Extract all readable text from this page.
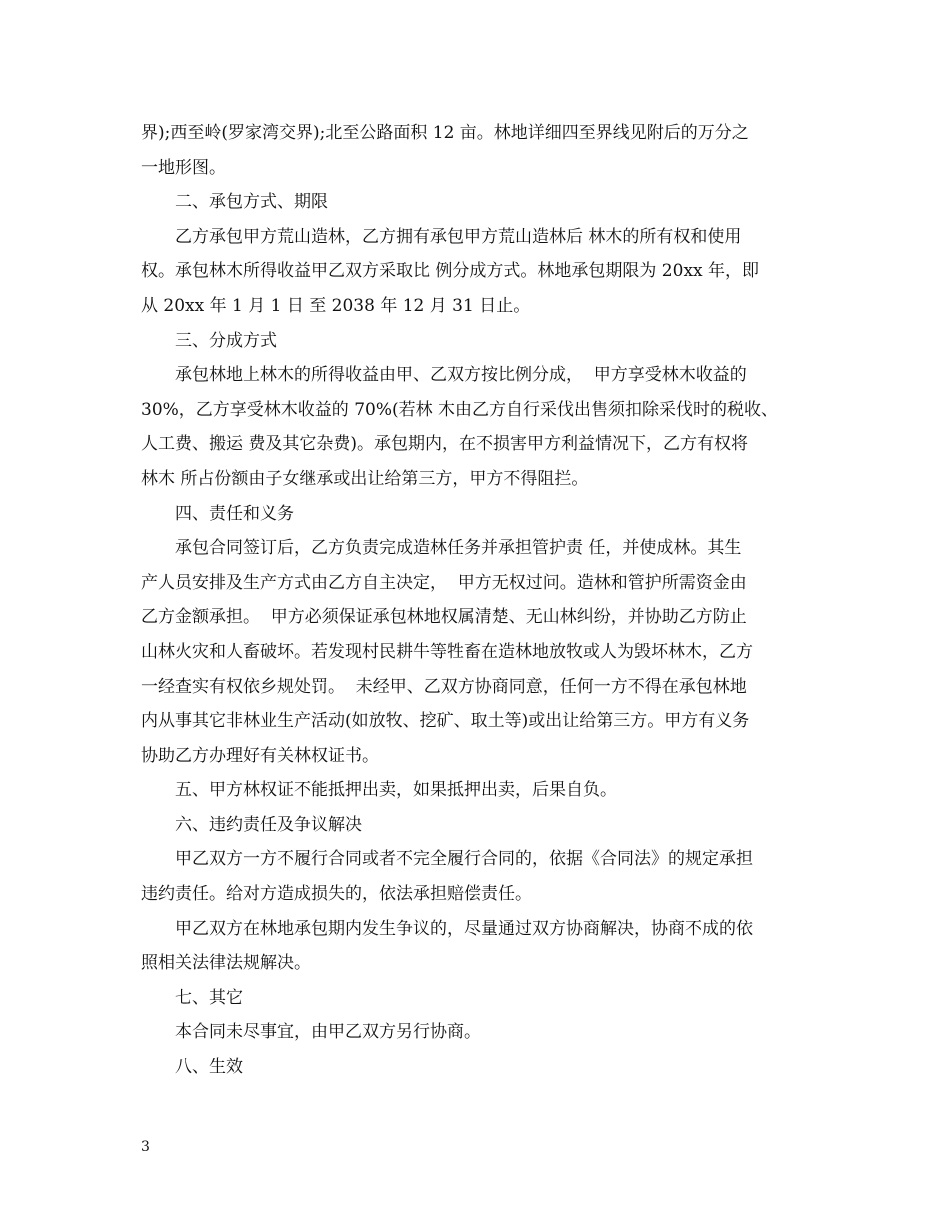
界);西至岭(罗家湾交界);北至公路面积 12 亩。林地详细四至界线见附后的万分之
一地形图。
二、承包方式、期限
乙方承包甲方荒山造林，乙方拥有承包甲方荒山造林后 林木的所有权和使用
权。承包林木所得收益甲乙双方采取比 例分成方式。林地承包期限为 20xx 年，即
从 20xx 年 1 月 1 日 至 2038 年 12 月 31 日止。
三、分成方式
承包林地上林木的所得收益由甲、乙双方按比例分成，  甲方享受林木收益的
30%，乙方享受林木收益的 70%(若林 木由乙方自行采伐出售须扣除采伐时的税收、
人工费、搬运 费及其它杂费)。承包期内，在不损害甲方利益情况下，乙方有权将
林木 所占份额由子女继承或出让给第三方，甲方不得阻拦。
四、责任和义务
承包合同签订后，乙方负责完成造林任务并承担管护责 任，并使成林。其生
产人员安排及生产方式由乙方自主决定，  甲方无权过问。造林和管护所需资金由
乙方金额承担。  甲方必须保证承包林地权属清楚、无山林纠纷，并协助乙方防止
山林火灾和人畜破坏。若发现村民耕牛等牲畜在造林地放牧或人为毁坏林木，乙方
一经查实有权依乡规处罚。  未经甲、乙双方协商同意，任何一方不得在承包林地
内从事其它非林业生产活动(如放牧、挖矿、取土等)或出让给第三方。甲方有义务
协助乙方办理好有关林权证书。
五、甲方林权证不能抵押出卖，如果抵押出卖，后果自负。
六、违约责任及争议解决
甲乙双方一方不履行合同或者不完全履行合同的，依据《合同法》的规定承担
违约责任。给对方造成损失的，依法承担赔偿责任。
甲乙双方在林地承包期内发生争议的，尽量通过双方协商解决，协商不成的依
照相关法律法规解决。
七、其它
本合同未尽事宜，由甲乙双方另行协商。
八、生效
3
